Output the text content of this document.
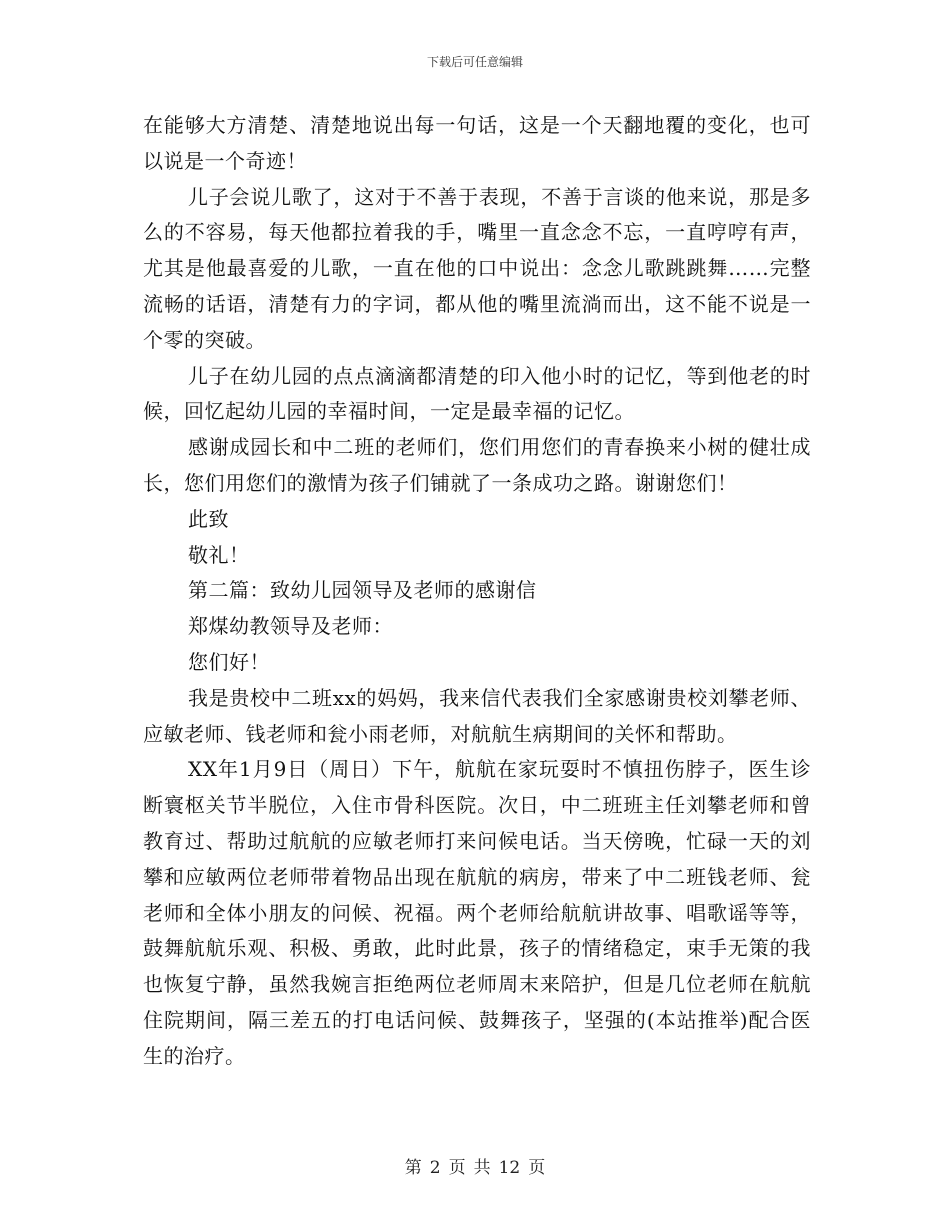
下载后可任意编辑

在能够大方清楚、清楚地说出每一句话，这是一个天翻地覆的变化，也可以说是一个奇迹！

儿子会说儿歌了，这对于不善于表现，不善于言谈的他来说，那是多么的不容易，每天他都拉着我的手，嘴里一直念念不忘，一直哼哼有声，尤其是他最喜爱的儿歌，一直在他的口中说出：念念儿歌跳跳舞……完整流畅的话语，清楚有力的字词，都从他的嘴里流淌而出，这不能不说是一个零的突破。

儿子在幼儿园的点点滴滴都清楚的印入他小时的记忆，等到他老的时候，回忆起幼儿园的幸福时间，一定是最幸福的记忆。

感谢成园长和中二班的老师们，您们用您们的青春换来小树的健壮成长，您们用您们的激情为孩子们铺就了一条成功之路。谢谢您们！

此致

敬礼！

第二篇：致幼儿园领导及老师的感谢信

郑煤幼教领导及老师：

您们好！

我是贵校中二班xx的妈妈，我来信代表我们全家感谢贵校刘攀老师、应敏老师、钱老师和瓮小雨老师，对航航生病期间的关怀和帮助。

XX年1月9日（周日）下午，航航在家玩耍时不慎扭伤脖子，医生诊断寰枢关节半脱位，入住市骨科医院。次日，中二班班主任刘攀老师和曾教育过、帮助过航航的应敏老师打来问候电话。当天傍晚，忙碌一天的刘攀和应敏两位老师带着物品出现在航航的病房，带来了中二班钱老师、瓮老师和全体小朋友的问候、祝福。两个老师给航航讲故事、唱歌谣等等，鼓舞航航乐观、积极、勇敢，此时此景，孩子的情绪稳定，束手无策的我也恢复宁静，虽然我婉言拒绝两位老师周末来陪护，但是几位老师在航航住院期间，隔三差五的打电话问候、鼓舞孩子，坚强的(本站推举)配合医生的治疗。

第 2 页 共 12 页
